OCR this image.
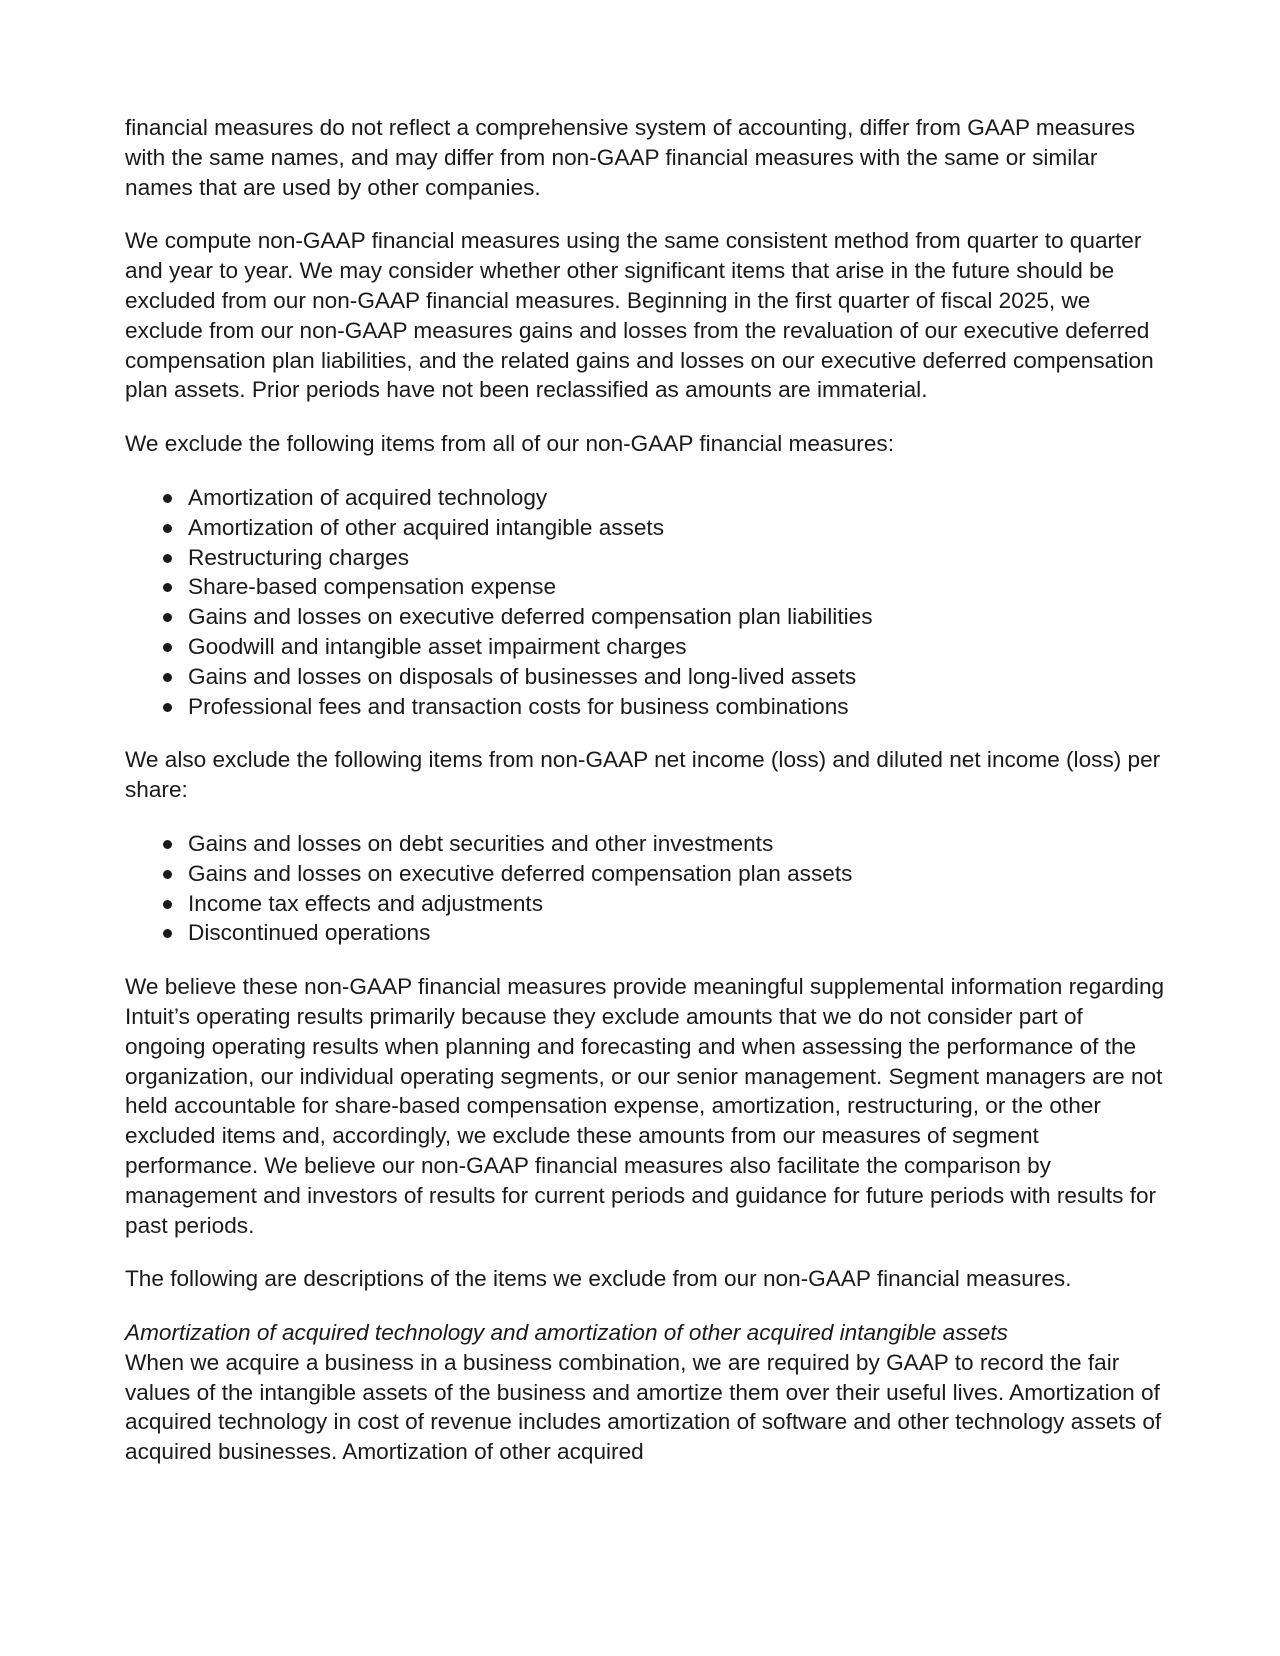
financial measures do not reflect a comprehensive system of accounting, differ from GAAP measures with the same names, and may differ from non-GAAP financial measures with the same or similar names that are used by other companies.

We compute non-GAAP financial measures using the same consistent method from quarter to quarter and year to year. We may consider whether other significant items that arise in the future should be excluded from our non-GAAP financial measures. Beginning in the first quarter of fiscal 2025, we exclude from our non-GAAP measures gains and losses from the revaluation of our executive deferred compensation plan liabilities, and the related gains and losses on our executive deferred compensation plan assets. Prior periods have not been reclassified as amounts are immaterial.

We exclude the following items from all of our non-GAAP financial measures:

Amortization of acquired technology
Amortization of other acquired intangible assets
Restructuring charges
Share-based compensation expense
Gains and losses on executive deferred compensation plan liabilities
Goodwill and intangible asset impairment charges
Gains and losses on disposals of businesses and long-lived assets
Professional fees and transaction costs for business combinations

We also exclude the following items from non-GAAP net income (loss) and diluted net income (loss) per share:

Gains and losses on debt securities and other investments
Gains and losses on executive deferred compensation plan assets
Income tax effects and adjustments
Discontinued operations

We believe these non-GAAP financial measures provide meaningful supplemental information regarding Intuit’s operating results primarily because they exclude amounts that we do not consider part of ongoing operating results when planning and forecasting and when assessing the performance of the organization, our individual operating segments, or our senior management. Segment managers are not held accountable for share-based compensation expense, amortization, restructuring, or the other excluded items and, accordingly, we exclude these amounts from our measures of segment performance. We believe our non-GAAP financial measures also facilitate the comparison by management and investors of results for current periods and guidance for future periods with results for past periods.

The following are descriptions of the items we exclude from our non-GAAP financial measures.

Amortization of acquired technology and amortization of other acquired intangible assets
When we acquire a business in a business combination, we are required by GAAP to record the fair values of the intangible assets of the business and amortize them over their useful lives. Amortization of acquired technology in cost of revenue includes amortization of software and other technology assets of acquired businesses. Amortization of other acquired
